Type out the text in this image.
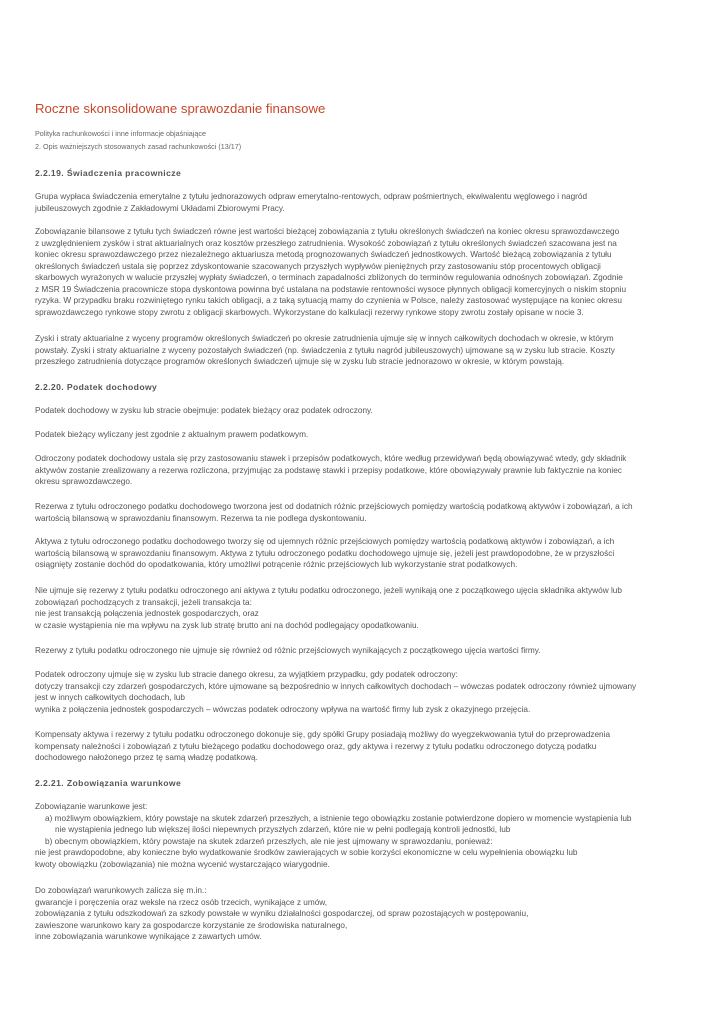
Roczne skonsolidowane sprawozdanie finansowe
Polityka rachunkowości i inne informacje objaśniające
2. Opis ważniejszych stosowanych zasad rachunkowości (13/17)
2.2.19. Świadczenia pracownicze
Grupa wypłaca świadczenia emerytalne z tytułu jednorazowych odpraw emerytalno-rentowych, odpraw pośmiertnych, ekwiwalentu węglowego i nagród
jubileuszowych zgodnie z Zakładowymi Układami Zbiorowymi Pracy.
Zobowiązanie bilansowe z tytułu tych świadczeń równe jest wartości bieżącej zobowiązania z tytułu określonych świadczeń na koniec okresu sprawozdawczego
z uwzględnieniem zysków i strat aktuarialnych oraz kosztów przeszłego zatrudnienia. Wysokość zobowiązań z tytułu określonych świadczeń szacowana jest na
koniec okresu sprawozdawczego przez niezależnego aktuariusza metodą prognozowanych świadczeń jednostkowych. Wartość bieżącą zobowiązania z tytułu
określonych świadczeń ustala się poprzez zdyskontowanie szacowanych przyszłych wypływów pieniężnych przy zastosowaniu stóp procentowych obligacji
skarbowych wyrażonych w walucie przyszłej wypłaty świadczeń, o terminach zapadalności zbliżonych do terminów regulowania odnośnych zobowiązań. Zgodnie
z MSR 19 Świadczenia pracownicze stopa dyskontowa powinna być ustalana na podstawie rentowności wysoce płynnych obligacji komercyjnych o niskim stopniu
ryzyka. W przypadku braku rozwiniętego rynku takich obligacji, a z taką sytuacją mamy do czynienia w Polsce, należy zastosować występujące na koniec okresu
sprawozdawczego rynkowe stopy zwrotu z obligacji skarbowych. Wykorzystane do kalkulacji rezerwy rynkowe stopy zwrotu zostały opisane w nocie 3.
Zyski i straty aktuarialne z wyceny programów określonych świadczeń po okresie zatrudnienia ujmuje się w innych całkowitych dochodach w okresie, w którym
powstały. Zyski i straty aktuarialne z wyceny pozostałych świadczeń (np. świadczenia z tytułu nagród jubileuszowych) ujmowane są w zysku lub stracie. Koszty
przeszłego zatrudnienia dotyczące programów określonych świadczeń ujmuje się w zysku lub stracie jednorazowo w okresie, w którym powstają.
2.2.20. Podatek dochodowy
Podatek dochodowy w zysku lub stracie obejmuje: podatek bieżący oraz podatek odroczony.
Podatek bieżący wyliczany jest zgodnie z aktualnym prawem podatkowym.
Odroczony podatek dochodowy ustala się przy zastosowaniu stawek i przepisów podatkowych, które według przewidywań będą obowiązywać wtedy, gdy składnik
aktywów zostanie zrealizowany a rezerwa rozliczona, przyjmując za podstawę stawki i przepisy podatkowe, które obowiązywały prawnie lub faktycznie na koniec
okresu sprawozdawczego.
Rezerwa z tytułu odroczonego podatku dochodowego tworzona jest od dodatnich różnic przejściowych pomiędzy wartością podatkową aktywów i zobowiązań, a ich
wartością bilansową w sprawozdaniu finansowym. Rezerwa ta nie podlega dyskontowaniu.
Aktywa z tytułu odroczonego podatku dochodowego tworzy się od ujemnych różnic przejściowych pomiędzy wartością podatkową aktywów i zobowiązań, a ich
wartością bilansową w sprawozdaniu finansowym. Aktywa z tytułu odroczonego podatku dochodowego ujmuje się, jeżeli jest prawdopodobne, że w przyszłości
osiągnięty zostanie dochód do opodatkowania, który umożliwi potrącenie różnic przejściowych lub wykorzystanie strat podatkowych.
Nie ujmuje się rezerwy z tytułu podatku odroczonego ani aktywa z tytułu podatku odroczonego, jeżeli wynikają one z początkowego ujęcia składnika aktywów lub
zobowiązań pochodzących z transakcji, jeżeli transakcja ta:
nie jest transakcją połączenia jednostek gospodarczych, oraz
w czasie wystąpienia nie ma wpływu na zysk lub stratę brutto ani na dochód podlegający opodatkowaniu.
Rezerwy z tytułu podatku odroczonego nie ujmuje się również od różnic przejściowych wynikających z początkowego ujęcia wartości firmy.
Podatek odroczony ujmuje się w zysku lub stracie danego okresu, za wyjątkiem przypadku, gdy podatek odroczony:
dotyczy transakcji czy zdarzeń gospodarczych, które ujmowane są bezpośrednio w innych całkowitych dochodach – wówczas podatek odroczony również ujmowany
jest w innych całkowitych dochodach, lub
wynika z połączenia jednostek gospodarczych – wówczas podatek odroczony wpływa na wartość firmy lub zysk z okazyjnego przejęcia.
Kompensaty aktywa i rezerwy z tytułu podatku odroczonego dokonuje się, gdy spółki Grupy posiadają możliwy do wyegzekwowania tytuł do przeprowadzenia
kompensaty należności i zobowiązań z tytułu bieżącego podatku dochodowego oraz, gdy aktywa i rezerwy z tytułu podatku odroczonego dotyczą podatku
dochodowego nałożonego przez tę samą władzę podatkową.
2.2.21. Zobowiązania warunkowe
Zobowiązanie warunkowe jest:
a) możliwym obowiązkiem, który powstaje na skutek zdarzeń przeszłych, a istnienie tego obowiązku zostanie potwierdzone dopiero w momencie wystąpienia lub
nie wystąpienia jednego lub większej ilości niepewnych przyszłych zdarzeń, które nie w pełni podlegają kontroli jednostki, lub
b) obecnym obowiązkiem, który powstaje na skutek zdarzeń przeszłych, ale nie jest ujmowany w sprawozdaniu, ponieważ:
nie jest prawdopodobne, aby konieczne było wydatkowanie środków zawierających w sobie korzyści ekonomiczne w celu wypełnienia obowiązku lub
kwoty obowiązku (zobowiązania) nie można wycenić wystarczająco wiarygodnie.
Do zobowiązań warunkowych zalicza się m.in.:
gwarancje i poręczenia oraz weksle na rzecz osób trzecich, wynikające z umów,
zobowiązania z tytułu odszkodowań za szkody powstałe w wyniku działalności gospodarczej, od spraw pozostających w postępowaniu,
zawieszone warunkowo kary za gospodarcze korzystanie ze środowiska naturalnego,
inne zobowiązania warunkowe wynikające z zawartych umów.
